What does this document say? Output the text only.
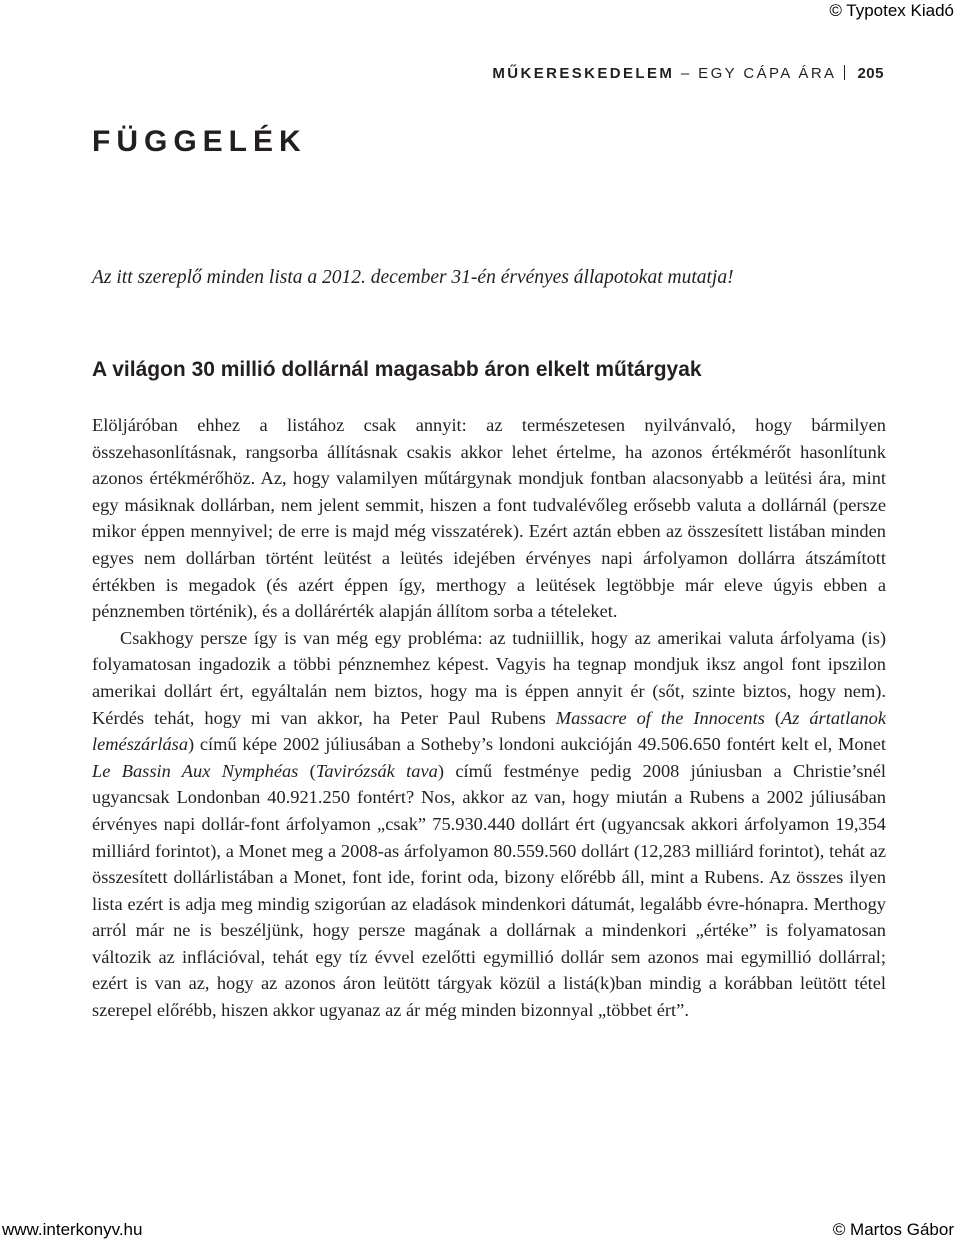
© Typotex Kiadó
MŰKERESKEDELEM – EGY CÁPA ÁRA 205
FÜGGELÉK

Az itt szereplő minden lista a 2012. december 31-én érvényes állapotokat mutatja!

A világon 30 millió dollárnál magasabb áron elkelt műtárgyak

Elöljáróban ehhez a listához csak annyit: az természetesen nyilvánvaló, hogy bármilyen összehasonlításnak, rangsorba állításnak csakis akkor lehet értelme, ha azonos értékmérőt hasonlítunk azonos értékmérőhöz. Az, hogy valamilyen műtárgynak mondjuk fontban alacsonyabb a leütési ára, mint egy másiknak dollárban, nem jelent semmit, hiszen a font tudvalévőleg erősebb valuta a dollárnál (persze mikor éppen mennyivel; de erre is majd még visszatérek). Ezért aztán ebben az összesített listában minden egyes nem dollárban történt leütést a leütés idejében érvényes napi árfolyamon dollárra átszámított értékben is megadok (és azért éppen így, merthogy a leütések legtöbbje már eleve úgyis ebben a pénznemben történik), és a dollárérték alapján állítom sorba a tételeket.

Csakhogy persze így is van még egy probléma: az tudniillik, hogy az amerikai valuta árfolyama (is) folyamatosan ingadozik a többi pénznemhez képest. Vagyis ha tegnap mondjuk iksz angol font ipszilon amerikai dollárt ért, egyáltalán nem biztos, hogy ma is éppen annyit ér (sőt, szinte biztos, hogy nem). Kérdés tehát, hogy mi van akkor, ha Peter Paul Rubens Massacre of the Innocents (Az ártatlanok lemészárlása) című képe 2002 júliusában a Sotheby’s londoni aukcióján 49.506.650 fontért kelt el, Monet Le Bassin Aux Nymphéas (Tavirózsák tava) című festménye pedig 2008 júniusban a Christie’snél ugyancsak Londonban 40.921.250 fontért? Nos, akkor az van, hogy miután a Rubens a 2002 júliusában érvényes napi dollár-font árfolyamon „csak” 75.930.440 dollárt ért (ugyancsak akkori árfolyamon 19,354 milliárd forintot), a Monet meg a 2008-as árfolyamon 80.559.560 dollárt (12,283 milliárd forintot), tehát az összesített dollárlistában a Monet, font ide, forint oda, bizony előrébb áll, mint a Rubens. Az összes ilyen lista ezért is adja meg mindig szigorúan az eladások mindenkori dátumát, legalább évre-hónapra. Merthogy arról már ne is beszéljünk, hogy persze magának a dollárnak a mindenkori „értéke” is folyamatosan változik az inflációval, tehát egy tíz évvel ezelőtti egymillió dollár sem azonos mai egymillió dollárral; ezért is van az, hogy az azonos áron leütött tárgyak közül a listá(k)ban mindig a korábban leütött tétel szerepel előrébb, hiszen akkor ugyanaz az ár még minden bizonnyal „többet ért”.

www.interkonyv.hu	© Martos Gábor
